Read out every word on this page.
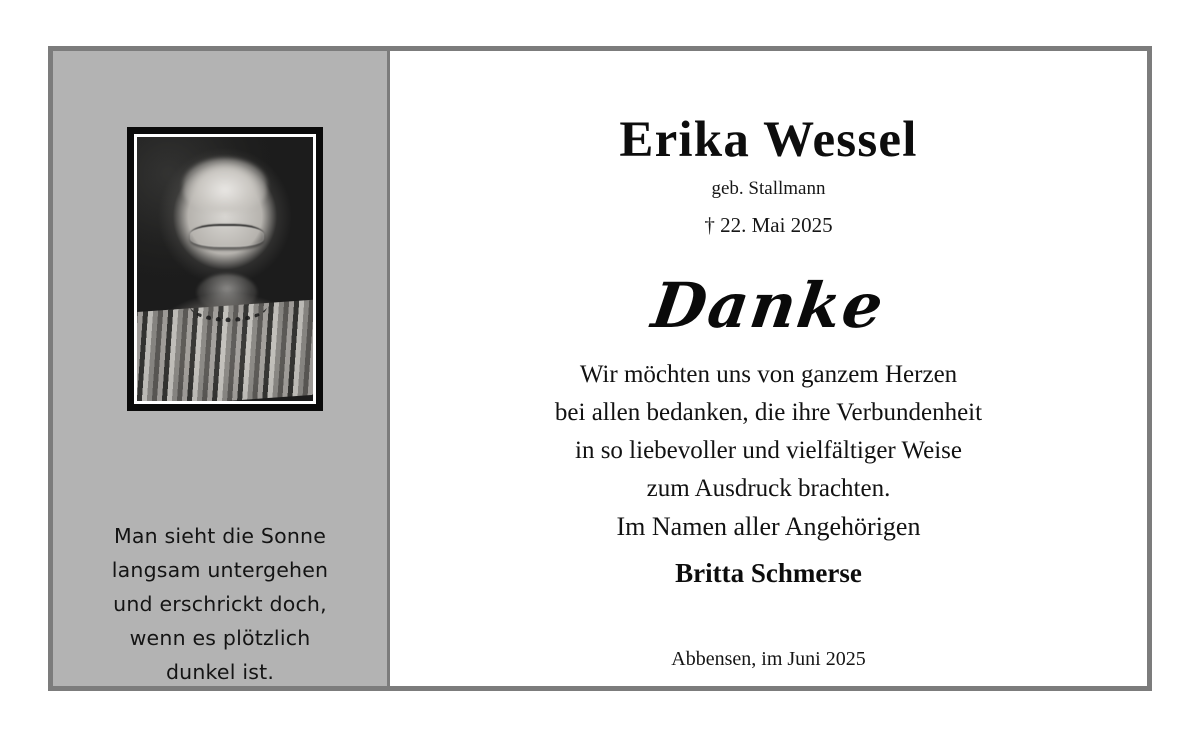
Man sieht die Sonne
langsam untergehen
und erschrickt doch,
wenn es plötzlich
dunkel ist.
Erika Wessel
geb. Stallmann
† 22. Mai 2025
Danke
Wir möchten uns von ganzem Herzen
bei allen bedanken, die ihre Verbundenheit
in so liebevoller und vielfältiger Weise
zum Ausdruck brachten.
Im Namen aller Angehörigen
Britta Schmerse
Abbensen, im Juni 2025
